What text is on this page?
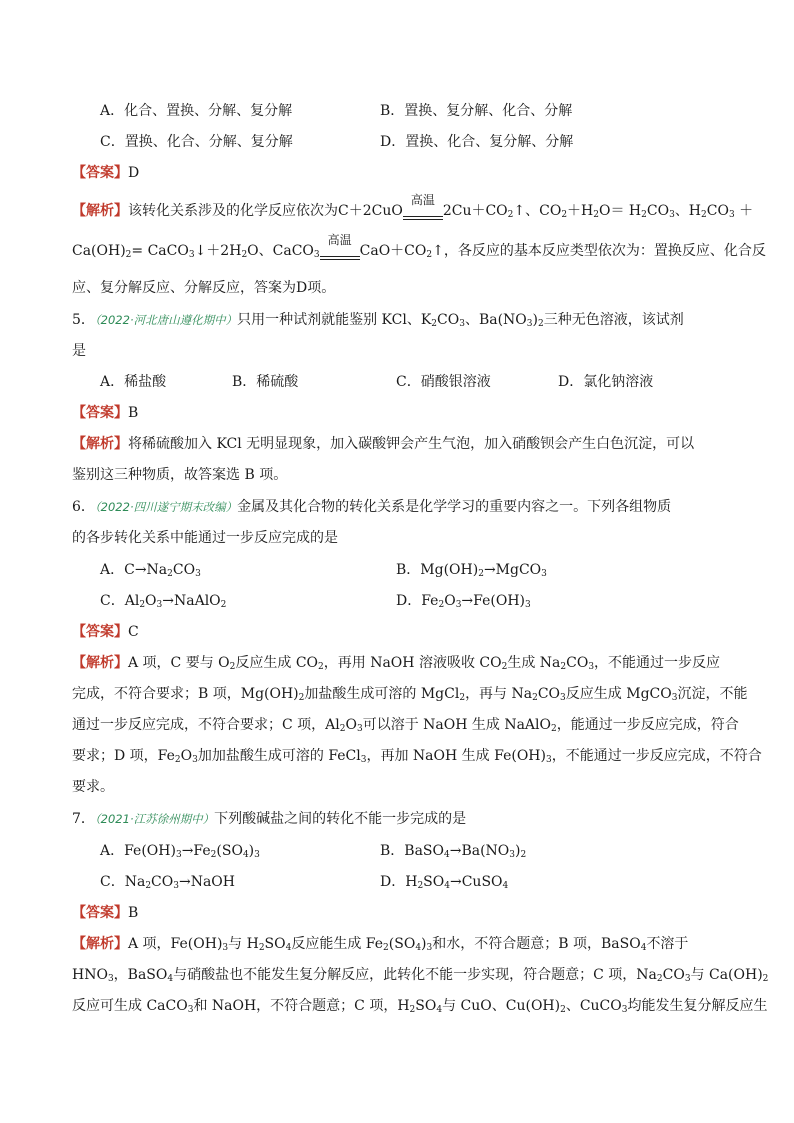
A．化合、置换、分解、复分解	B．置换、复分解、化合、分解
C．置换、化合、分解、复分解	D．置换、化合、复分解、分解
【答案】D
【解析】该转化关系涉及的化学反应依次为C＋2CuO
高温
$2Cu+CO_2↑$、$CO_2+H_2O= H_2CO_3$、$H_2CO_3$ ＋
$Ca(OH)_2=$ $CaCO_3↓+2H_2O$、CaCO$_3$
高温
$CaO+CO_2↑$，各反应的基本反应类型依次为：置换反应、化合反
应、复分解反应、分解反应，答案为D项。
5．（2022·河北唐山遵化期中）只用一种试剂就能鉴别 KCl、$K_2CO_3$、$Ba(NO_3)_2$三种无色溶液，该试剂
是
A．稀盐酸	B．稀硫酸	C．硝酸银溶液	D．氯化钠溶液
【答案】B
【解析】将稀硫酸加入 KCl 无明显现象，加入碳酸钾会产生气泡，加入硝酸钡会产生白色沉淀，可以
鉴别这三种物质，故答案选 B 项。
6．（2022·四川遂宁期末改编）金属及其化合物的转化关系是化学学习的重要内容之一。下列各组物质
的各步转化关系中能通过一步反应完成的是
A．$C\to Na_2CO_3$	B．$Mg(OH)_2\to MgCO_3$
C．$Al_2O_3\to NaAlO_2$	D．$Fe_2O_3\to Fe(OH)_3$
【答案】C
【解析】A 项，C 要与 $O_2$反应生成 $CO_2$，再用 NaOH 溶液吸收 $CO_2$生成 $Na_2CO_3$，不能通过一步反应
完成，不符合要求；B 项，$Mg(OH)_2$加盐酸生成可溶的 MgCl$_2$，再与 $Na_2CO_3$反应生成 MgCO$_3$沉淀，不能
通过一步反应完成，不符合要求；C 项，$Al_2O_3$可以溶于 NaOH 生成 NaAlO$_2$，能通过一步反应完成，符合
要求；D 项，$Fe_2O_3$加加盐酸生成可溶的 FeCl$_3$，再加 NaOH 生成 $Fe(OH)_3$，不能通过一步反应完成，不符合
要求。
7．（2021·江苏徐州期中）下列酸碱盐之间的转化不能一步完成的是
A．$Fe(OH)_3\to Fe_2(SO_4)_3$	B．$BaSO_4\to Ba(NO_3)_2$
C．$Na_2CO_3\to NaOH$	D．$H_2SO_4\to CuSO_4$
【答案】B
【解析】A 项，$Fe(OH)_3$与 $H_2SO_4$反应能生成 $Fe_2(SO_4)_3$和水，不符合题意；B 项，BaSO$_4$不溶于
$HNO_3$，BaSO$_4$与硝酸盐也不能发生复分解反应，此转化不能一步实现，符合题意；C 项，$Na_2CO_3$与 $Ca(OH)_2$
反应可生成 CaCO$_3$和 NaOH，不符合题意；C 项，$H_2SO_4$与 CuO、$Cu(OH)_2$、CuCO$_3$均能发生复分解反应生
